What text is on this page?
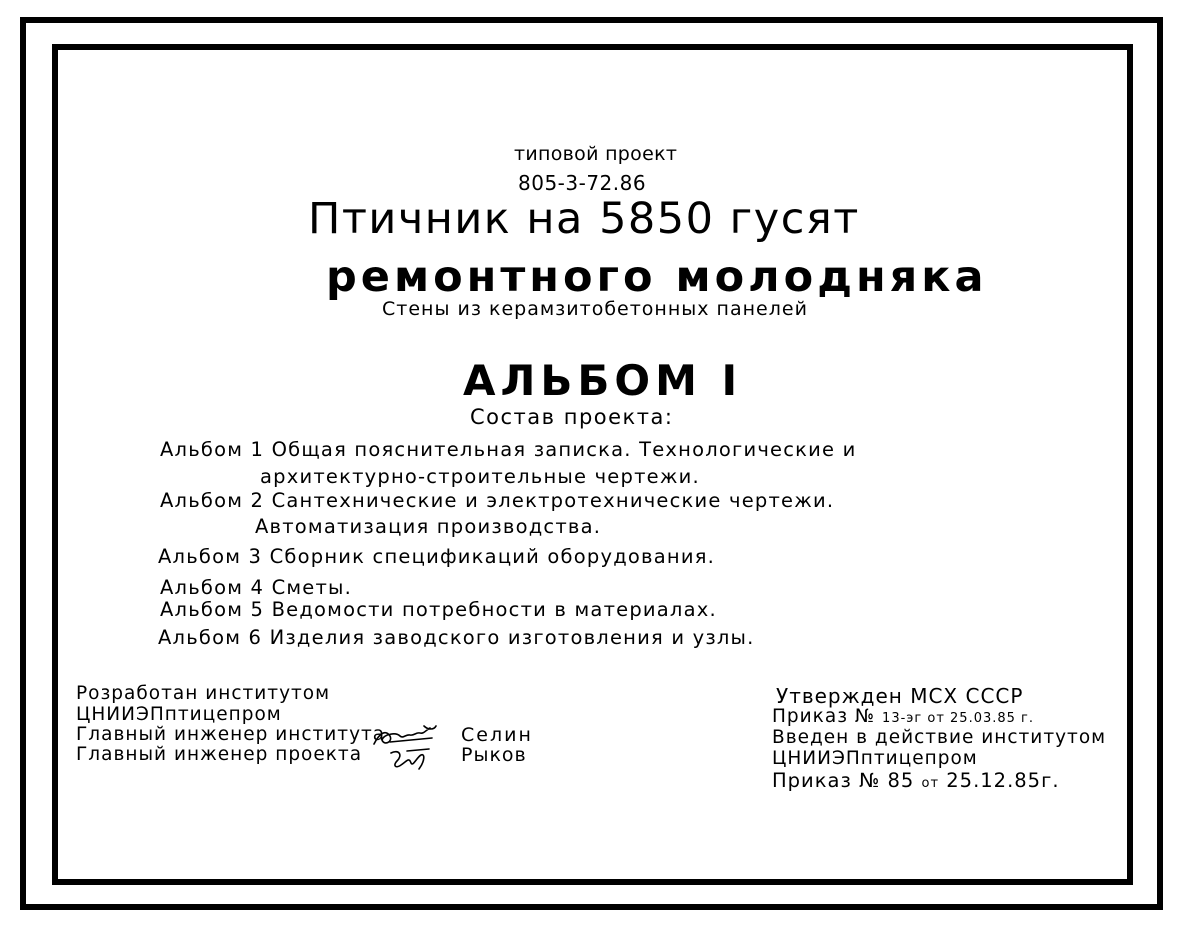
типовой проект
805-3-72.86
Птичник на 5850 гусят
ремонтного молодняка
Стены из керамзитобетонных панелей
АЛЬБОМ I
Состав проекта:
Альбом 1 Общая пояснительная записка. Технологические и
архитектурно-строительные чертежи.
Альбом 2 Сантехнические и электротехнические чертежи.
Автоматизация производства.
Альбом 3 Сборник спецификаций оборудования.
Альбом 4 Сметы.
Альбом 5 Ведомости потребности в материалах.
Альбом 6 Изделия заводского изготовления и узлы.
Розработан институтом
ЦНИИЭПптицепром
Главный инженер института
Главный инженер проекта
Селин
Рыков
Утвержден МСХ СССР
Приказ № 13-эг от 25.03.85 г.
Введен в действие институтом
ЦНИИЭПптицепром
Приказ № 85 от 25.12.85г.
